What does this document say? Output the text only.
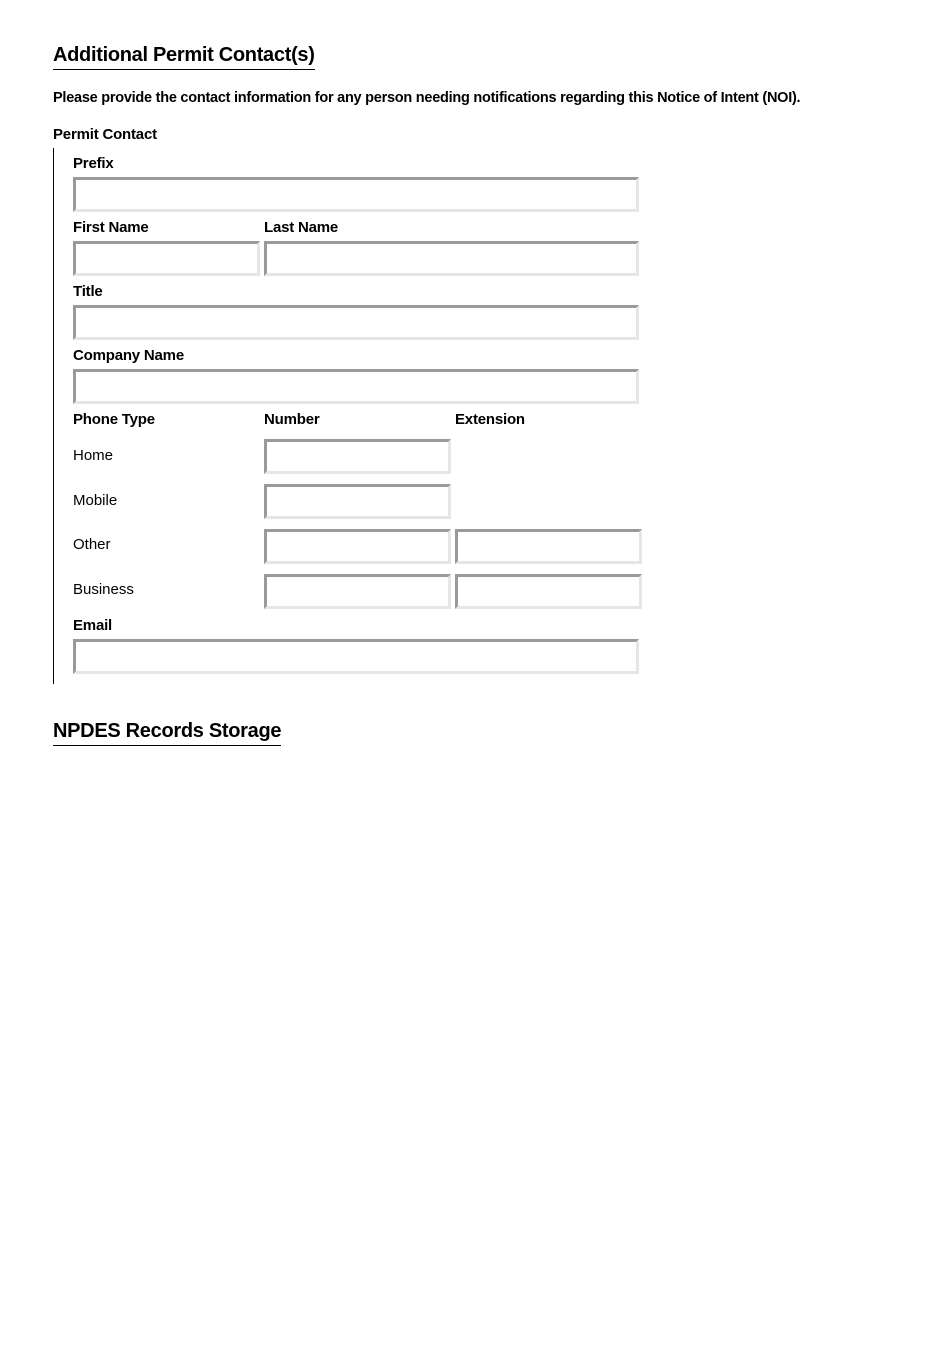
Additional Permit Contact(s)
Please provide the contact information for any person needing notifications regarding this Notice of Intent (NOI).
Permit Contact
Prefix
First Name	Last Name
Title
Company Name
Phone Type	Number	Extension
Home
Mobile
Other
Business
Email
NPDES Records Storage
